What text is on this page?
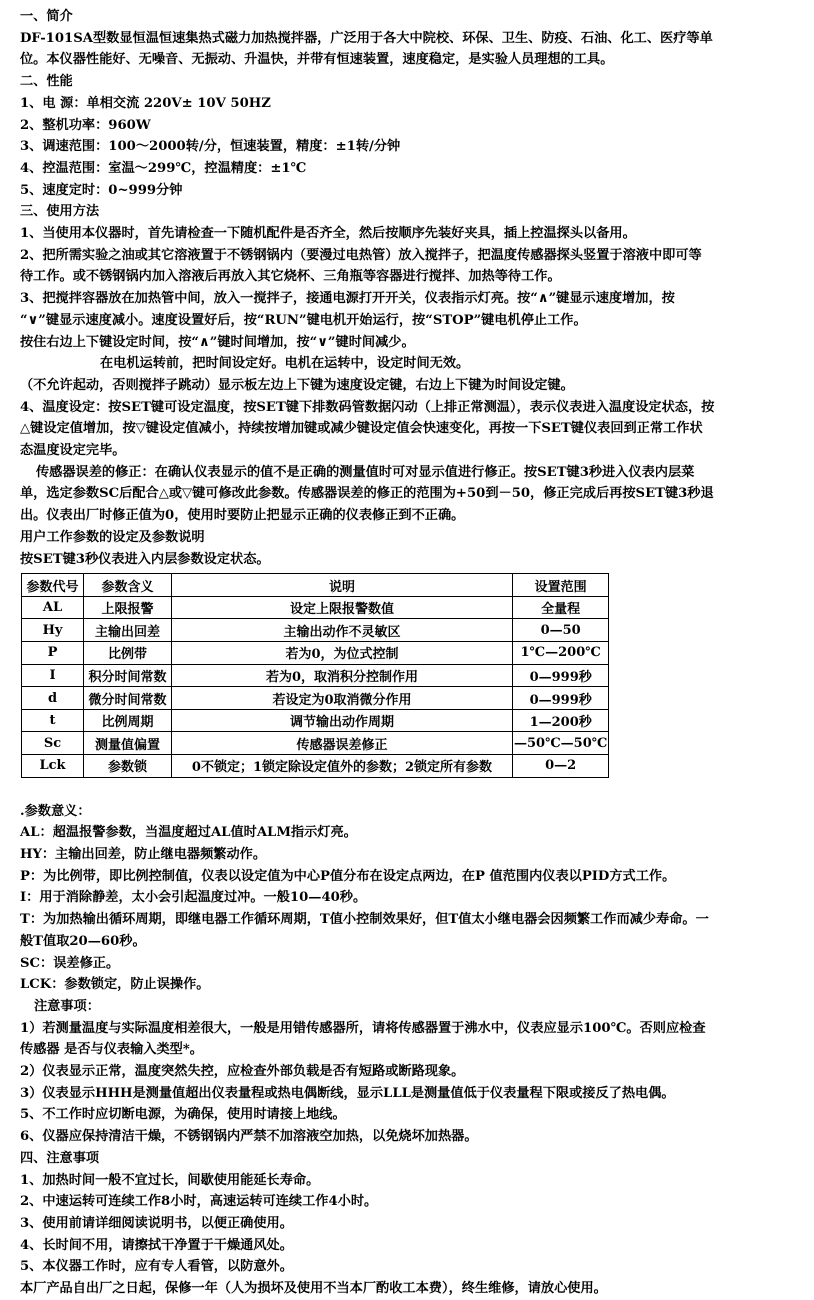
一、简介

DF-101SA型数显恒温恒速集热式磁力加热搅拌器，广泛用于各大中院校、环保、卫生、防疫、石油、化工、医疗等单

位。本仪器性能好、无噪音、无振动、升温快，并带有恒速装置，速度稳定，是实验人员理想的工具。

二、性能

1、电 源：单相交流 220V± 10V 50HZ

2、整机功率：960W

3、调速范围：100～2000转/分，恒速装置，精度：±1转/分钟

4、控温范围：室温～299℃，控温精度：±1℃

5、速度定时：0~999分钟

三、使用方法

1、当使用本仪器时，首先请检查一下随机配件是否齐全，然后按顺序先装好夹具，插上控温探头以备用。

2、把所需实验之油或其它溶液置于不锈钢锅内（要漫过电热管）放入搅拌子，把温度传感器探头竖置于溶液中即可等

待工作。或不锈钢锅内加入溶液后再放入其它烧杯、三角瓶等容器进行搅拌、加热等待工作。

3、把搅拌容器放在加热管中间，放入一搅拌子，接通电源打开开关，仪表指示灯亮。按“∧”键显示速度增加，按

“∨”键显示速度减小。速度设置好后，按“RUN”键电机开始运行，按“STOP”键电机停止工作。

按住右边上下键设定时间，按“∧”键时间增加，按“∨”键时间减少。

在电机运转前，把时间设定好。电机在运转中，设定时间无效。

（不允许起动，否则搅拌子跳动）显示板左边上下键为速度设定键，右边上下键为时间设定键。

4、温度设定：按SET键可设定温度，按SET键下排数码管数据闪动（上排正常测温），表示仪表进入温度设定状态，按

△键设定值增加，按▽键设定值减小，持续按增加键或减少键设定值会快速变化，再按一下SET键仪表回到正常工作状

态温度设定完毕。

传感器误差的修正：在确认仪表显示的值不是正确的测量值时可对显示值进行修正。按SET键3秒进入仪表内层菜

单，选定参数SC后配合△或▽键可修改此参数。传感器误差的修正的范围为+50到－50，修正完成后再按SET键3秒退

出。仪表出厂时修正值为0，使用时要防止把显示正确的仪表修正到不正确。

用户工作参数的设定及参数说明

按SET键3秒仪表进入内层参数设定状态。

参数代号	参数含义	说明	设置范围
AL	上限报警	设定上限报警数值	全量程
Hy	主输出回差	主输出动作不灵敏区	0—50
P	比例带	若为0，为位式控制	1℃—200℃
I	积分时间常数	若为0，取消积分控制作用	0—999秒
d	微分时间常数	若设定为0取消微分作用	0—999秒
t	比例周期	调节输出动作周期	1—200秒
Sc	测量值偏置	传感器误差修正	—50℃—50℃
Lck	参数锁	0不锁定；1锁定除设定值外的参数；2锁定所有参数	0—2

.参数意义：

AL：超温报警参数，当温度超过AL值时ALM指示灯亮。

HY：主输出回差，防止继电器频繁动作。

P：为比例带，即比例控制值，仪表以设定值为中心P值分布在设定点两边，在P 值范围内仪表以PID方式工作。

I：用于消除静差，太小会引起温度过冲。一般10—40秒。

T：为加热输出循环周期，即继电器工作循环周期，T值小控制效果好，但T值太小继电器会因频繁工作而减少寿命。一

般T值取20—60秒。

SC：误差修正。

LCK：参数锁定，防止误操作。

注意事项：

1）若测量温度与实际温度相差很大，一般是用错传感器所，请将传感器置于沸水中，仪表应显示100℃。否则应检查

传感器 是否与仪表输入类型*。

2）仪表显示正常，温度突然失控，应检查外部负载是否有短路或断路现象。

3）仪表显示HHH是测量值超出仪表量程或热电偶断线，显示LLL是测量值低于仪表量程下限或接反了热电偶。

5、不工作时应切断电源，为确保，使用时请接上地线。

6、仪器应保持清洁干燥，不锈钢锅内严禁不加溶液空加热，以免烧坏加热器。

四、注意事项

1、加热时间一般不宜过长，间歇使用能延长寿命。

2、中速运转可连续工作8小时，高速运转可连续工作4小时。

3、使用前请详细阅读说明书，以便正确使用。

4、长时间不用，请擦拭干净置于干燥通风处。

5、本仪器工作时，应有专人看管，以防意外。

本厂产品自出厂之日起，保修一年（人为损坏及使用不当本厂酌收工本费），终生维修，请放心使用。
